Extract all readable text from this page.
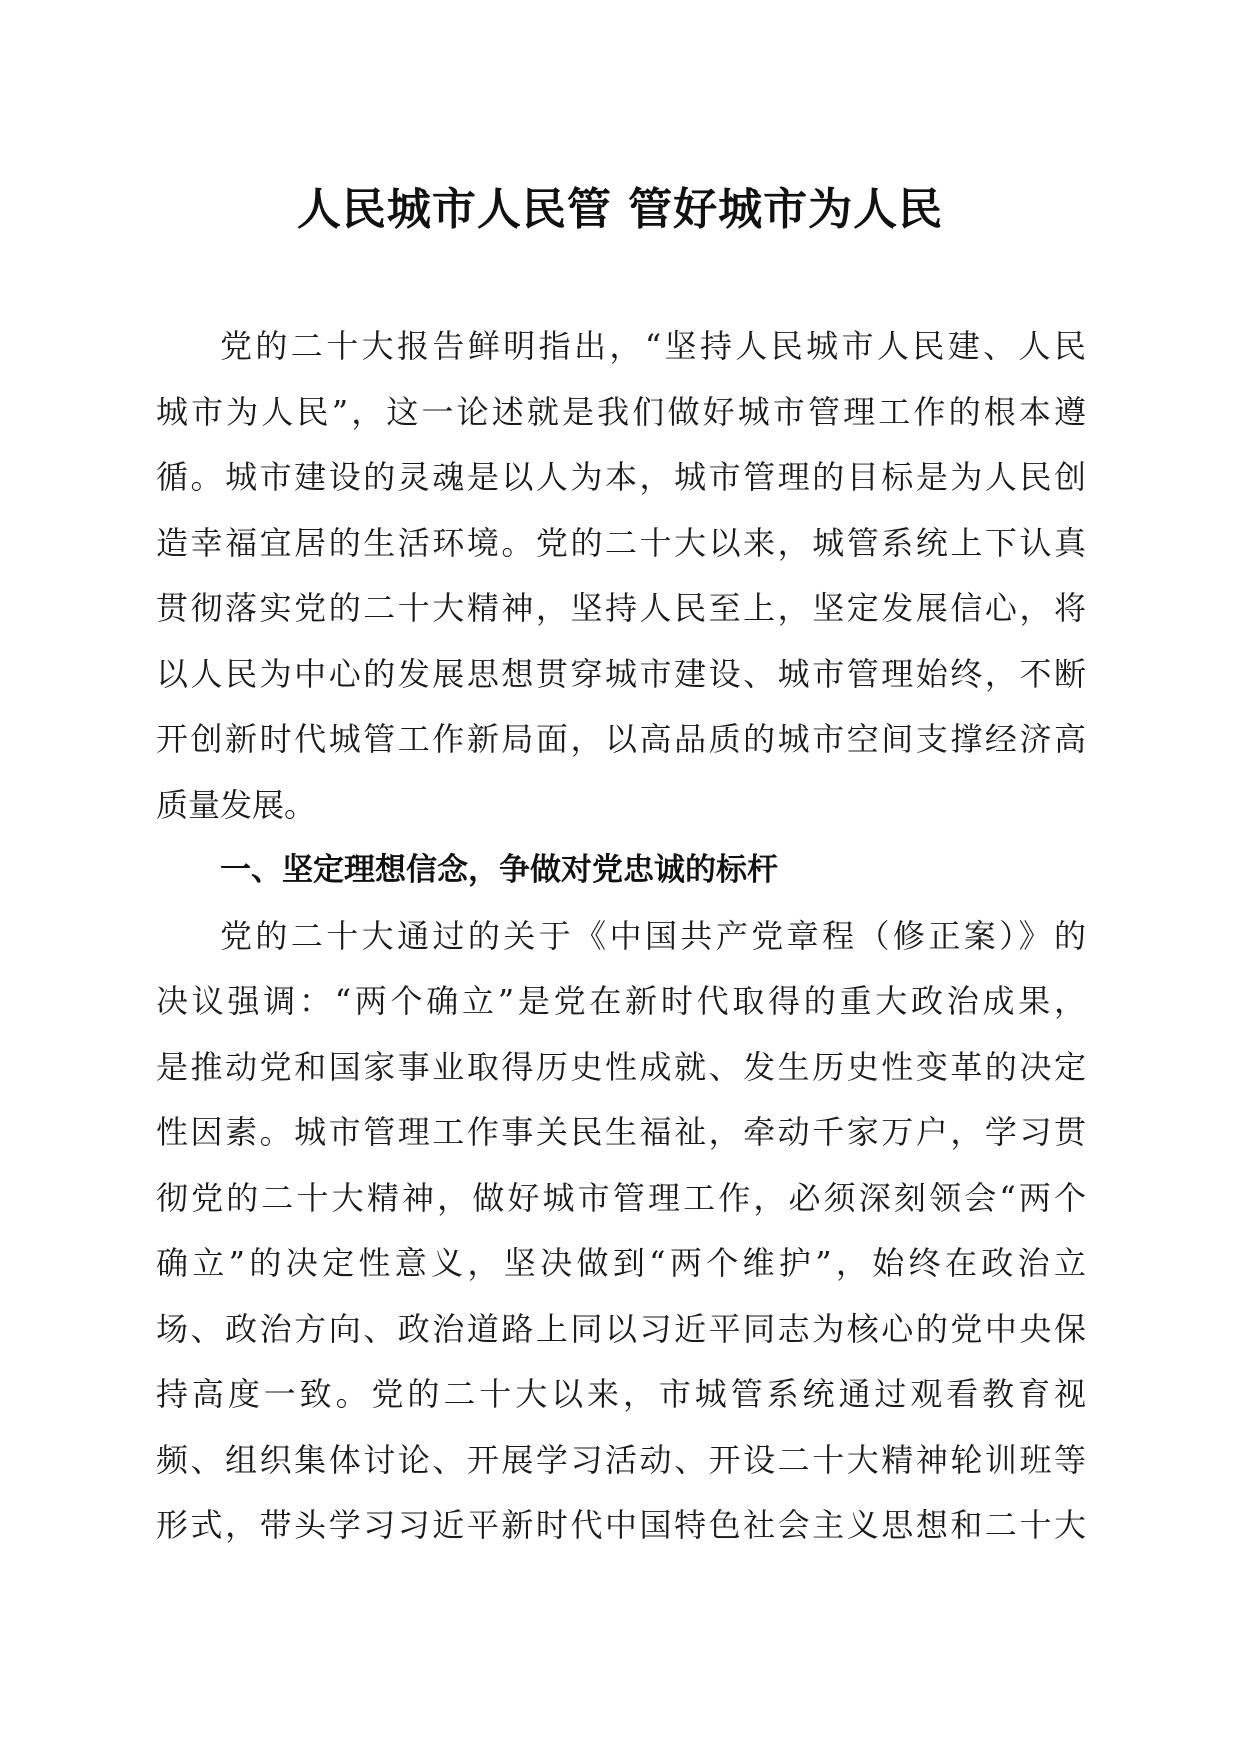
人民城市人民管 管好城市为人民
党的二十大报告鲜明指出，“坚持人民城市人民建、人民
城市为人民”，这一论述就是我们做好城市管理工作的根本遵
循。城市建设的灵魂是以人为本，城市管理的目标是为人民创
造幸福宜居的生活环境。党的二十大以来，城管系统上下认真
贯彻落实党的二十大精神，坚持人民至上，坚定发展信心，将
以人民为中心的发展思想贯穿城市建设、城市管理始终，不断
开创新时代城管工作新局面，以高品质的城市空间支撑经济高
质量发展。
一、坚定理想信念，争做对党忠诚的标杆
党的二十大通过的关于《中国共产党章程（修正案）》的
决议强调：“两个确立”是党在新时代取得的重大政治成果，
是推动党和国家事业取得历史性成就、发生历史性变革的决定
性因素。城市管理工作事关民生福祉，牵动千家万户，学习贯
彻党的二十大精神，做好城市管理工作，必须深刻领会“两个
确立”的决定性意义，坚决做到“两个维护”，始终在政治立
场、政治方向、政治道路上同以习近平同志为核心的党中央保
持高度一致。党的二十大以来，市城管系统通过观看教育视
频、组织集体讨论、开展学习活动、开设二十大精神轮训班等
形式，带头学习习近平新时代中国特色社会主义思想和二十大
